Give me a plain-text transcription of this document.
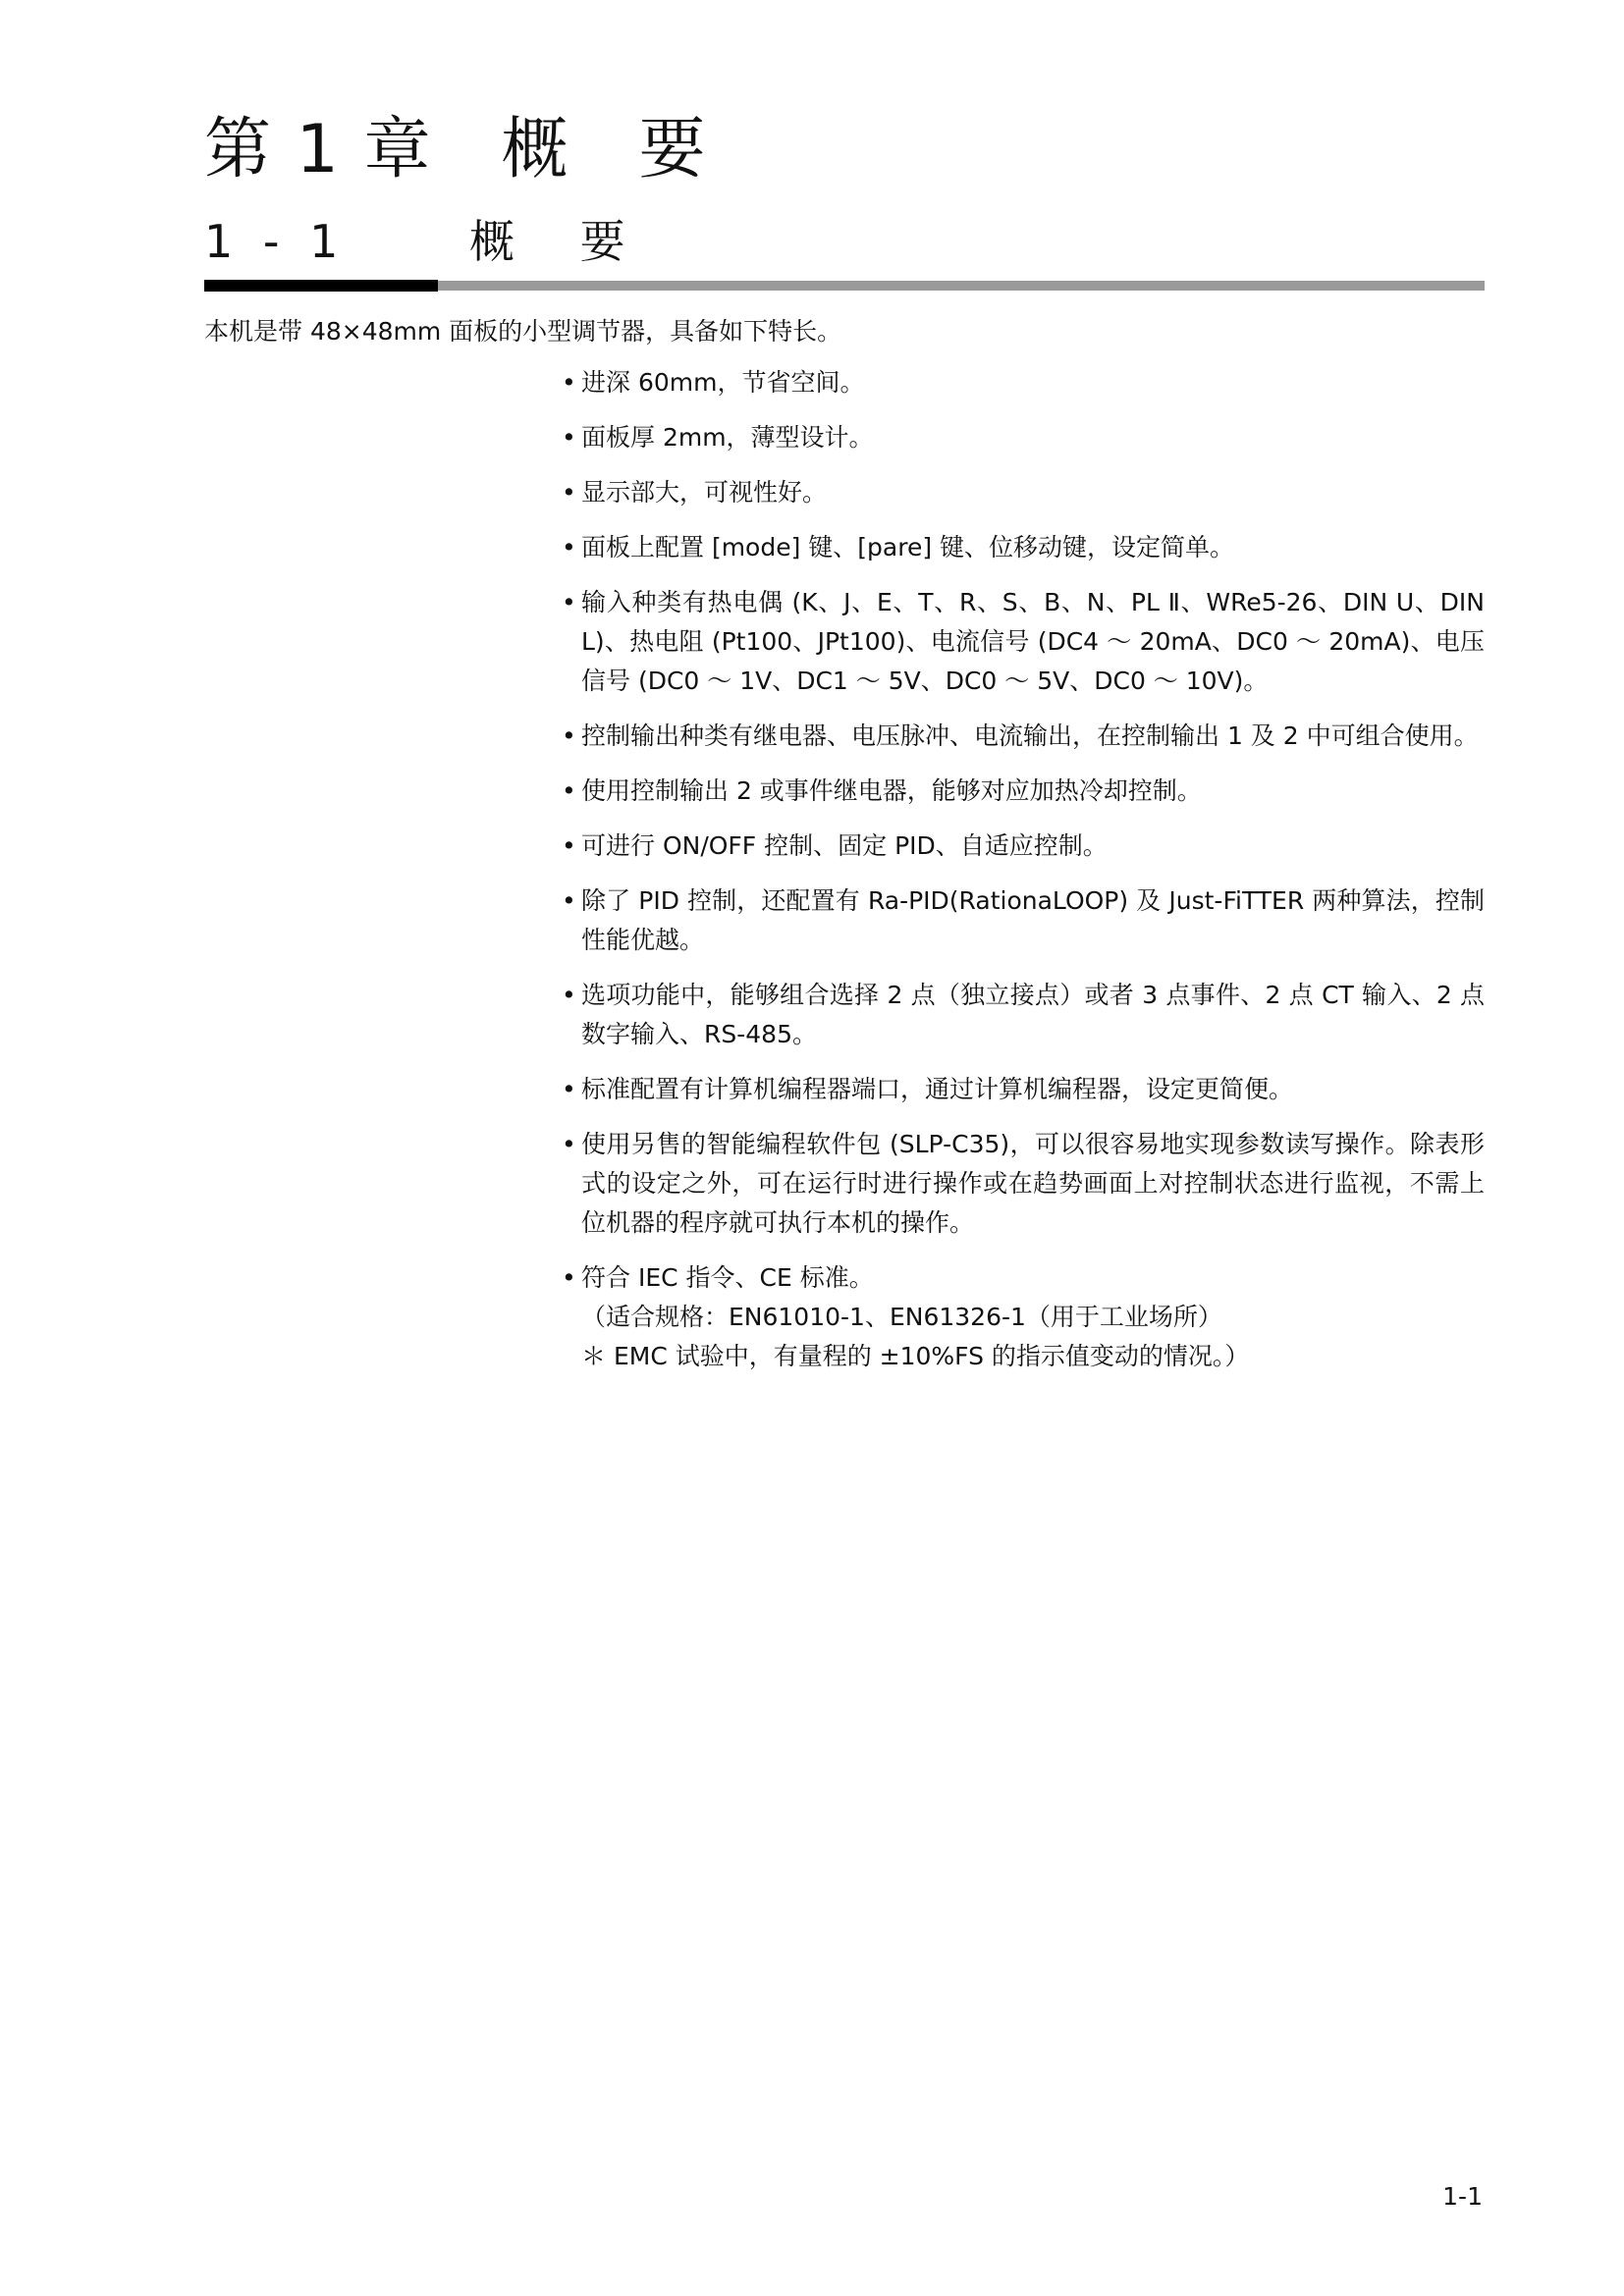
第 1 章　概　要
1 - 1	概 要

本机是带 48×48mm 面板的小型调节器，具备如下特长。

• 进深 60mm，节省空间。
• 面板厚 2mm，薄型设计。
• 显示部大，可视性好。
• 面板上配置 [mode] 键、[pare] 键、位移动键，设定简单。
• 输入种类有热电偶 (K、J、E、T、R、S、B、N、PL Ⅱ、WRe5-26、DIN U、DIN L)、热电阻 (Pt100、JPt100)、电流信号 (DC4 ～ 20mA、DC0 ～ 20mA)、电压信号 (DC0 ～ 1V、DC1 ～ 5V、DC0 ～ 5V、DC0 ～ 10V)。
• 控制输出种类有继电器、电压脉冲、电流输出，在控制输出 1 及 2 中可组合使用。
• 使用控制输出 2 或事件继电器，能够对应加热冷却控制。
• 可进行 ON/OFF 控制、固定 PID、自适应控制。
• 除了 PID 控制，还配置有 Ra-PID(RationaLOOP) 及 Just-FiTTER 两种算法，控制性能优越。
• 选项功能中，能够组合选择 2 点（独立接点）或者 3 点事件、2 点 CT 输入、2 点数字输入、RS-485。
• 标准配置有计算机编程器端口，通过计算机编程器，设定更简便。
• 使用另售的智能编程软件包 (SLP-C35)，可以很容易地实现参数读写操作。除表形式的设定之外，可在运行时进行操作或在趋势画面上对控制状态进行监视，不需上位机器的程序就可执行本机的操作。
• 符合 IEC 指令、CE 标准。
（适合规格：EN61010-1、EN61326-1（用于工业场所）
＊ EMC 试验中，有量程的 ±10%FS 的指示值变动的情况。）
1-1
